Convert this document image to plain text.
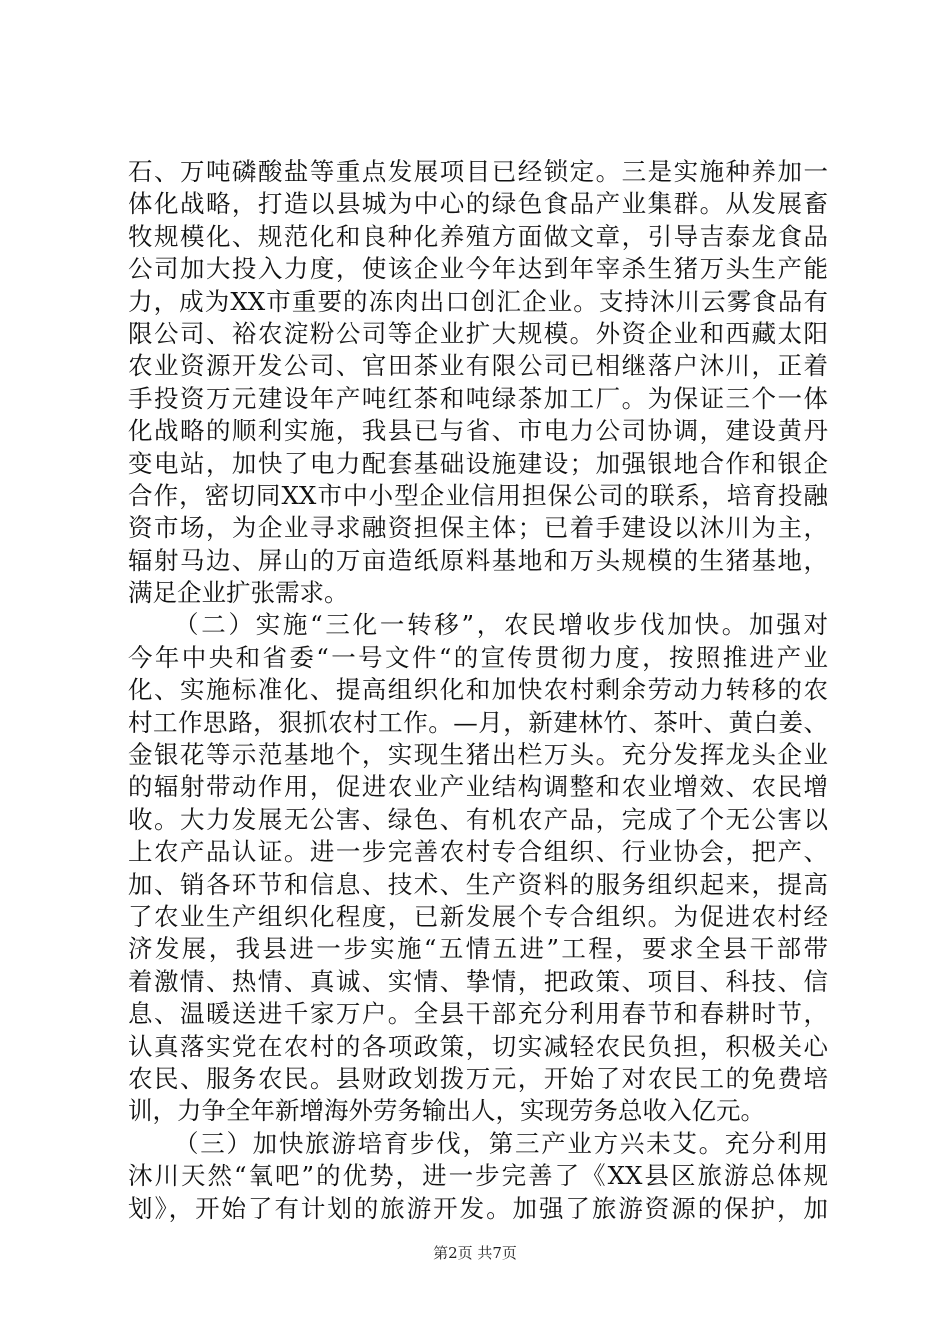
石、万吨磷酸盐等重点发展项目已经锁定。三是实施种养加一
体化战略，打造以县城为中心的绿色食品产业集群。从发展畜
牧规模化、规范化和良种化养殖方面做文章，引导吉泰龙食品
公司加大投入力度，使该企业今年达到年宰杀生猪万头生产能
力，成为XX市重要的冻肉出口创汇企业。支持沐川云雾食品有
限公司、裕农淀粉公司等企业扩大规模。外资企业和西藏太阳
农业资源开发公司、官田茶业有限公司已相继落户沐川，正着
手投资万元建设年产吨红茶和吨绿茶加工厂。为保证三个一体
化战略的顺利实施，我县已与省、市电力公司协调，建设黄丹
变电站，加快了电力配套基础设施建设；加强银地合作和银企
合作，密切同XX市中小型企业信用担保公司的联系，培育投融
资市场，为企业寻求融资担保主体；已着手建设以沐川为主，
辐射马边、屏山的万亩造纸原料基地和万头规模的生猪基地，
满足企业扩张需求。
（二）实施“三化一转移”，农民增收步伐加快。加强对
今年中央和省委“一号文件“的宣传贯彻力度，按照推进产业
化、实施标准化、提高组织化和加快农村剩余劳动力转移的农
村工作思路，狠抓农村工作。—月，新建林竹、茶叶、黄白姜、
金银花等示范基地个，实现生猪出栏万头。充分发挥龙头企业
的辐射带动作用，促进农业产业结构调整和农业增效、农民增
收。大力发展无公害、绿色、有机农产品，完成了个无公害以
上农产品认证。进一步完善农村专合组织、行业协会，把产、
加、销各环节和信息、技术、生产资料的服务组织起来，提高
了农业生产组织化程度，已新发展个专合组织。为促进农村经
济发展，我县进一步实施“五情五进”工程，要求全县干部带
着激情、热情、真诚、实情、挚情，把政策、项目、科技、信
息、温暖送进千家万户。全县干部充分利用春节和春耕时节，
认真落实党在农村的各项政策，切实减轻农民负担，积极关心
农民、服务农民。县财政划拨万元，开始了对农民工的免费培
训，力争全年新增海外劳务输出人，实现劳务总收入亿元。
（三）加快旅游培育步伐，第三产业方兴未艾。充分利用
沐川天然“氧吧”的优势，进一步完善了《XX县区旅游总体规
划》，开始了有计划的旅游开发。加强了旅游资源的保护，加
第2页 共7页
